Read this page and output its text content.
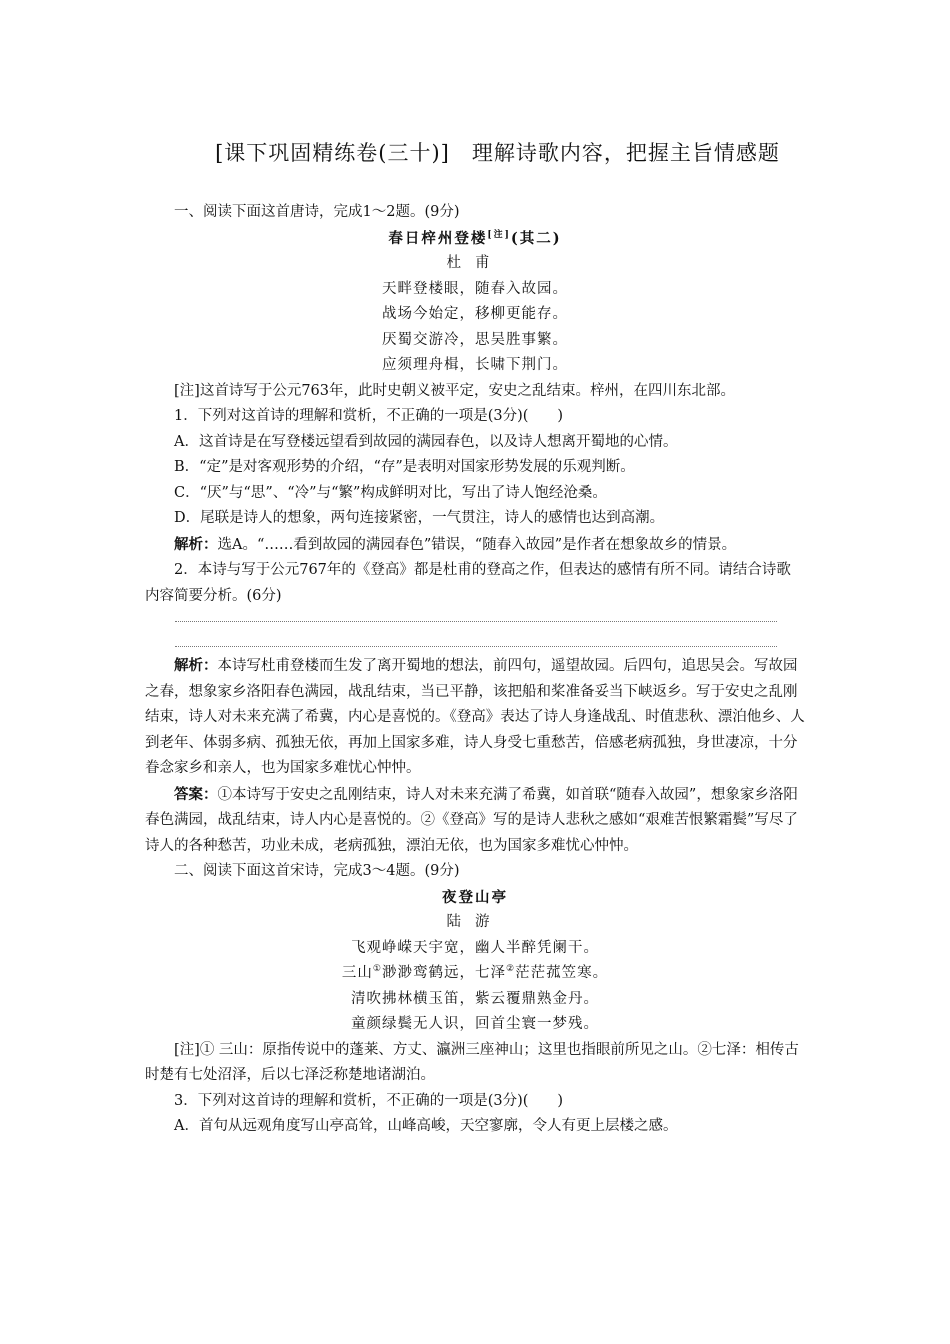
[课下巩固精练卷(三十)]　理解诗歌内容，把握主旨情感题

一、阅读下面这首唐诗，完成1～2题。(9分)

春日梓州登楼[注](其二)

杜甫

天畔登楼眼，随春入故园。

战场今始定，移柳更能存。

厌蜀交游冷，思吴胜事繁。

应须理舟楫，长啸下荆门。

[注]这首诗写于公元763年，此时史朝义被平定，安史之乱结束。梓州，在四川东北部。

1．下列对这首诗的理解和赏析，不正确的一项是(3分)(　　)

A．这首诗是在写登楼远望看到故园的满园春色，以及诗人想离开蜀地的心情。

B．“定”是对客观形势的介绍，“存”是表明对国家形势发展的乐观判断。

C．“厌”与“思”、“冷”与“繁”构成鲜明对比，写出了诗人饱经沧桑。

D．尾联是诗人的想象，两句连接紧密，一气贯注，诗人的感情也达到高潮。

解析：选A。“……看到故园的满园春色”错误，“随春入故园”是作者在想象故乡的情景。

2．本诗与写于公元767年的《登高》都是杜甫的登高之作，但表达的感情有所不同。请结合诗歌内容简要分析。(6分)

解析：本诗写杜甫登楼而生发了离开蜀地的想法，前四句，遥望故园。后四句，追思吴会。写故园之春，想象家乡洛阳春色满园，战乱结束，当已平静，该把船和桨准备妥当下峡返乡。写于安史之乱刚结束，诗人对未来充满了希冀，内心是喜悦的。《登高》表达了诗人身逢战乱、时值悲秋、漂泊他乡、人到老年、体弱多病、孤独无依，再加上国家多难，诗人身受七重愁苦，倍感老病孤独，身世凄凉，十分眷念家乡和亲人，也为国家多难忧心忡忡。

答案：①本诗写于安史之乱刚结束，诗人对未来充满了希冀，如首联“随春入故园”，想象家乡洛阳春色满园，战乱结束，诗人内心是喜悦的。②《登高》写的是诗人悲秋之感如“艰难苦恨繁霜鬓”写尽了诗人的各种愁苦，功业未成，老病孤独，漂泊无依，也为国家多难忧心忡忡。

二、阅读下面这首宋诗，完成3～4题。(9分)

夜登山亭

陆游

飞观峥嵘天宇宽，幽人半醉凭阑干。

三山①渺渺鸾鹤远，七泽②茫茫菰笠寒。

清吹拂林横玉笛，紫云覆鼎熟金丹。

童颜绿鬓无人识，回首尘寰一梦残。

[注]① 三山：原指传说中的蓬莱、方丈、瀛洲三座神山；这里也指眼前所见之山。②七泽：相传古时楚有七处沼泽，后以七泽泛称楚地诸湖泊。

3．下列对这首诗的理解和赏析，不正确的一项是(3分)(　　)

A．首句从远观角度写山亭高耸，山峰高峻，天空寥廓，令人有更上层楼之感。
